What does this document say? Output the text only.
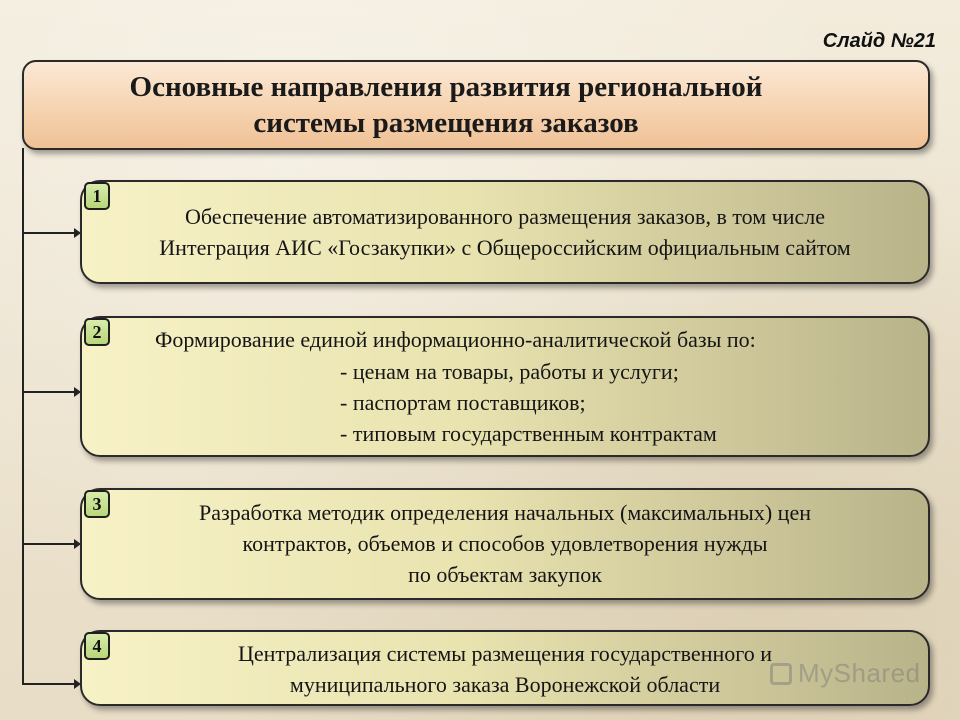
Слайд №21
Основные направления развития региональной
системы размещения заказов
1
Обеспечение автоматизированного размещения заказов, в том числе
Интеграция АИС «Госзакупки» с Общероссийским официальным сайтом
2	Формирование единой информационно-аналитической базы по:
- ценам на товары, работы и услуги;
- паспортам поставщиков;
- типовым государственным контрактам
3	Разработка методик определения начальных (максимальных) цен
контрактов, объемов и способов удовлетворения нужды
по объектам закупок
4	Централизация системы размещения государственного и
муниципального заказа Воронежской области	MyShared
